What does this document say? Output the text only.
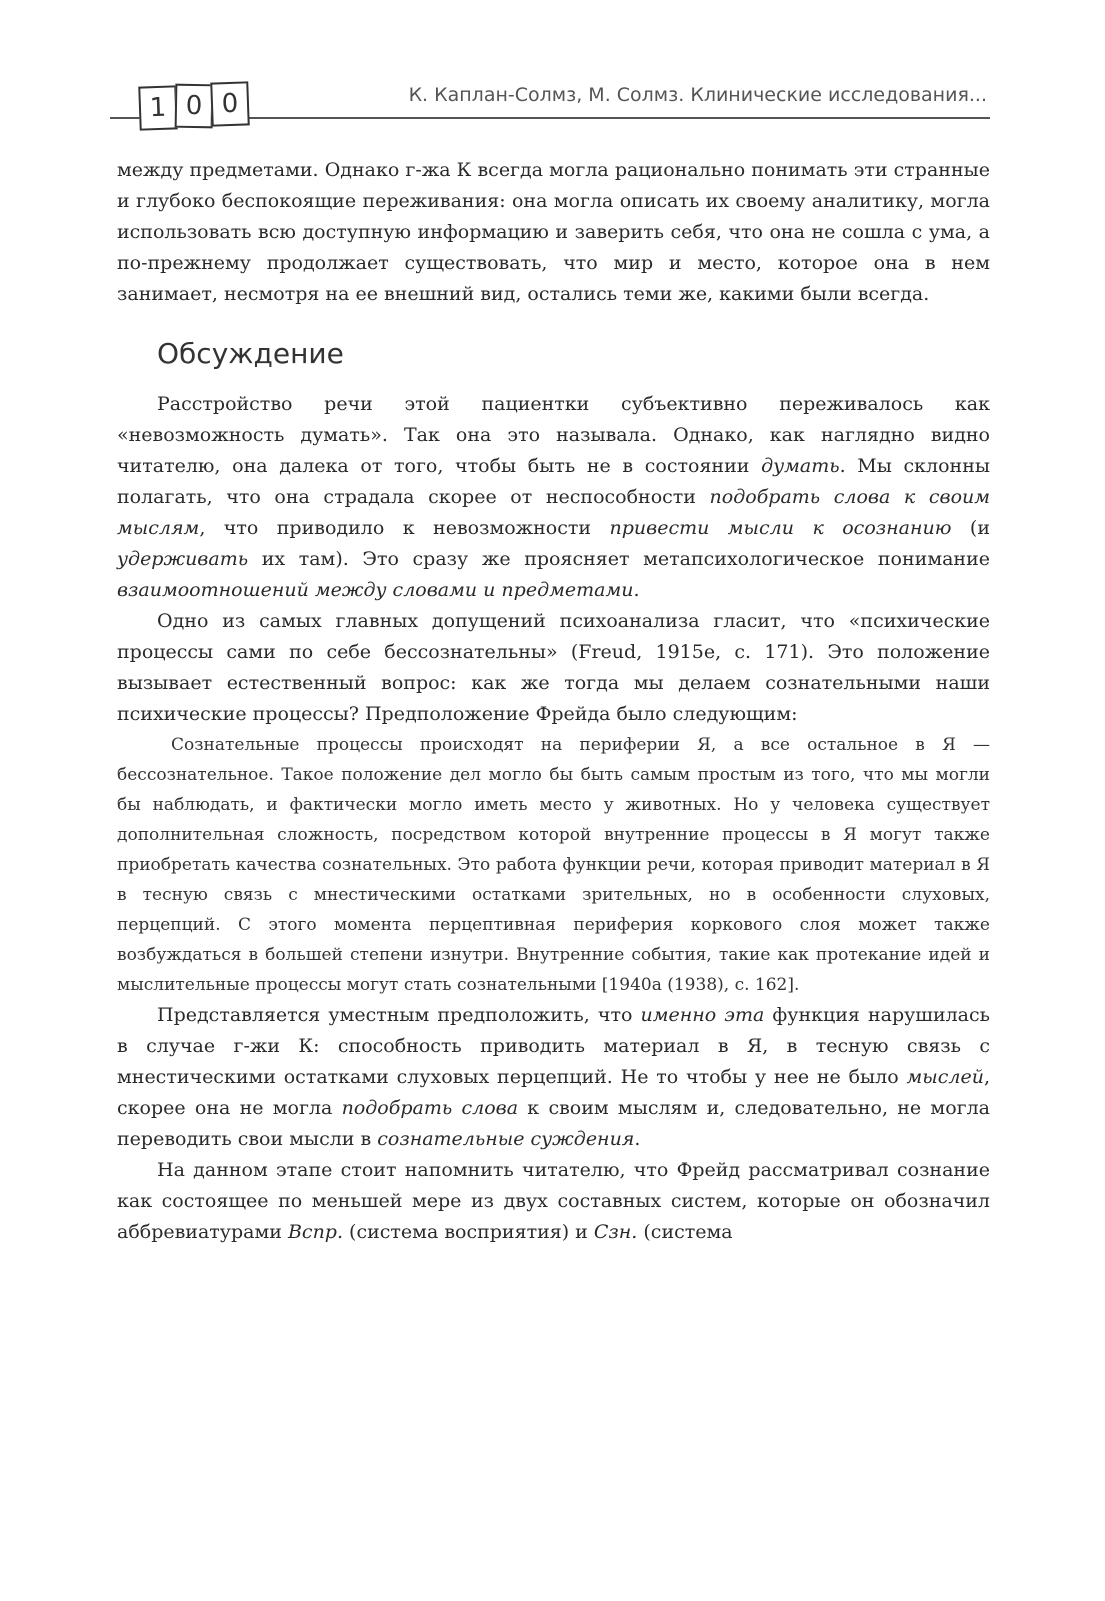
1 0 0	К. Каплан-Солмз, М. Солмз. Клинические исследования...

между предметами. Однако г-жа К всегда могла рационально понимать эти странные и глубоко беспокоящие переживания: она могла описать их своему аналитику, могла использовать всю доступную информацию и заверить себя, что она не сошла с ума, а по-прежнему продолжает существовать, что мир и место, которое она в нем занимает, несмотря на ее внешний вид, остались теми же, какими были всегда.

Обсуждение

Расстройство речи этой пациентки субъективно переживалось как «невозможность думать». Так она это называла. Однако, как наглядно видно читателю, она далека от того, чтобы быть не в состоянии думать. Мы склонны полагать, что она страдала скорее от неспособности подобрать слова к своим мыслям, что приводило к невозможности привести мысли к осознанию (и удерживать их там). Это сразу же проясняет метапсихологическое понимание взаимоотношений между словами и предметами.

Одно из самых главных допущений психоанализа гласит, что «психические процессы сами по себе бессознательны» (Freud, 1915e, с. 171). Это положение вызывает естественный вопрос: как же тогда мы делаем сознательными наши психические процессы? Предположение Фрейда было следующим:

Сознательные процессы происходят на периферии Я, а все остальное в Я — бессознательное. Такое положение дел могло бы быть самым простым из того, что мы могли бы наблюдать, и фактически могло иметь место у животных. Но у человека существует дополнительная сложность, посредством которой внутренние процессы в Я могут также приобретать качества сознательных. Это работа функции речи, которая приводит материал в Я в тесную связь с мнестическими остатками зрительных, но в особенности слуховых, перцепций. С этого момента перцептивная периферия коркового слоя может также возбуждаться в большей степени изнутри. Внутренние события, такие как протекание идей и мыслительные процессы могут стать сознательными [1940a (1938), с. 162].

Представляется уместным предположить, что именно эта функция нарушилась в случае г-жи К: способность приводить материал в Я, в тесную связь с мнестическими остатками слуховых перцепций. Не то чтобы у нее не было мыслей, скорее она не могла подобрать слова к своим мыслям и, следовательно, не могла переводить свои мысли в сознательные суждения.

На данном этапе стоит напомнить читателю, что Фрейд рассматривал сознание как состоящее по меньшей мере из двух составных систем, которые он обозначил аббревиатурами Всnр. (система восприятия) и Сзн. (система
